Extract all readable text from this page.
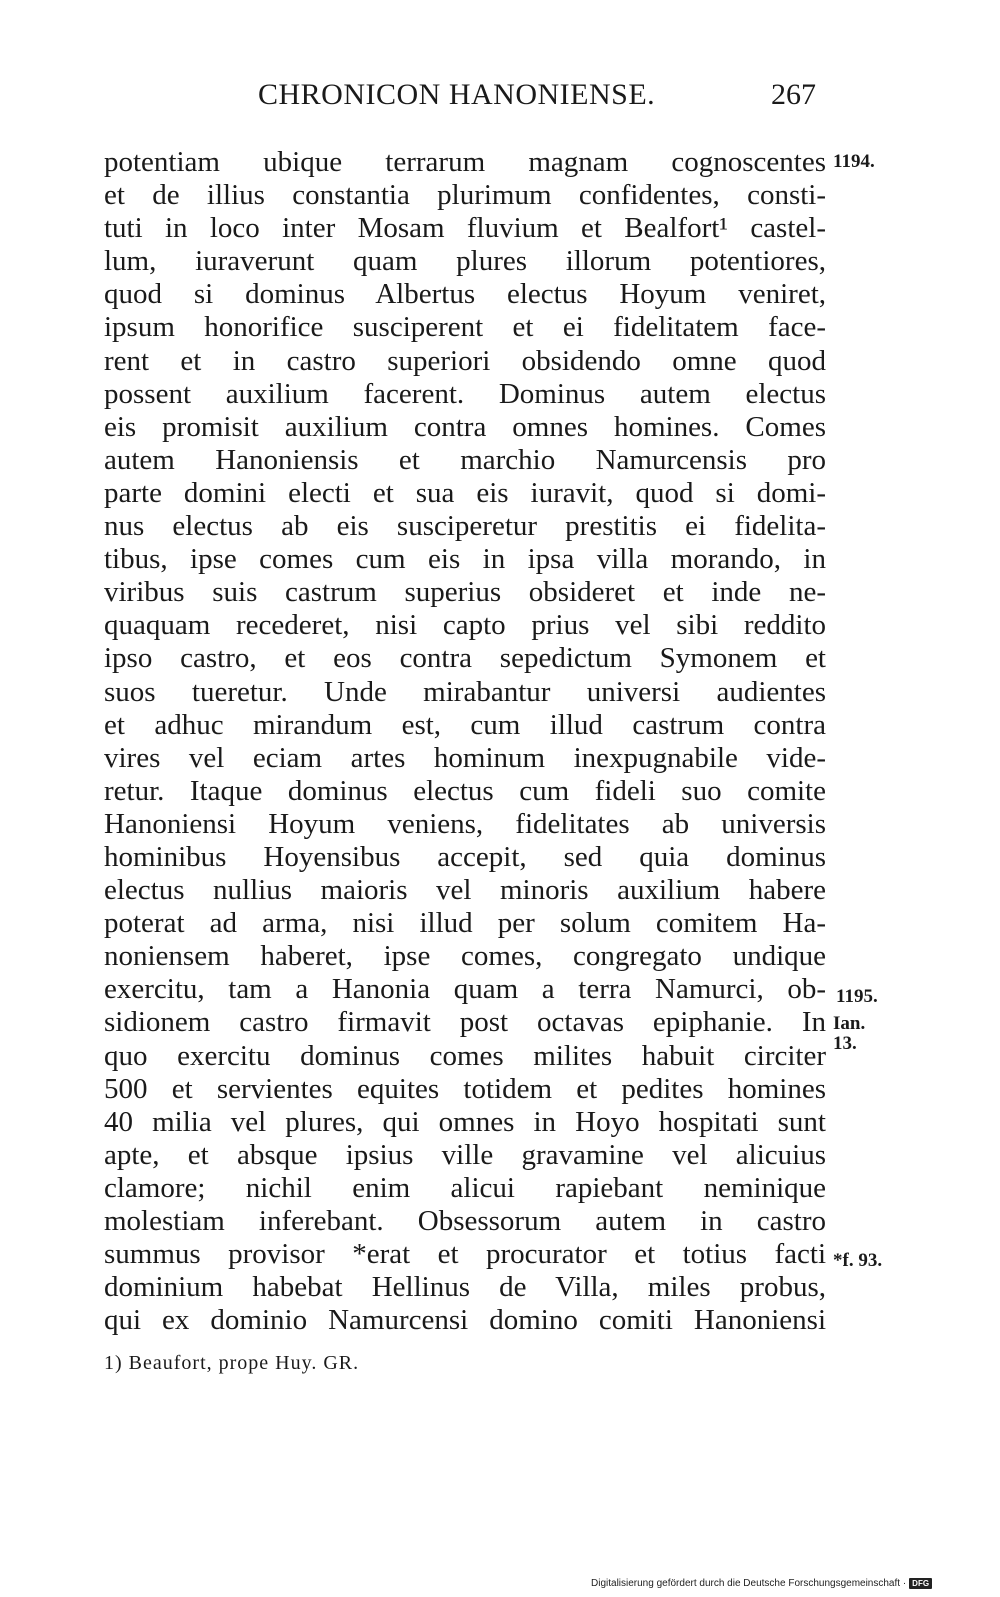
CHRONICON HANONIENSE.	267
potentiam ubique terrarum magnam cognoscentes
et de illius constantia plurimum confidentes, consti-
tuti in loco inter Mosam fluvium et Bealfort¹ castel-
lum, iuraverunt quam plures illorum potentiores,
quod si dominus Albertus electus Hoyum veniret,
ipsum honorifice susciperent et ei fidelitatem face-
rent et in castro superiori obsidendo omne quod
possent auxilium facerent. Dominus autem electus
eis promisit auxilium contra omnes homines. Comes
autem Hanoniensis et marchio Namurcensis pro
parte domini electi et sua eis iuravit, quod si domi-
nus electus ab eis susciperetur prestitis ei fidelita-
tibus, ipse comes cum eis in ipsa villa morando, in
viribus suis castrum superius obsideret et inde ne-
quaquam recederet, nisi capto prius vel sibi reddito
ipso castro, et eos contra sepedictum Symonem et
suos tueretur. Unde mirabantur universi audientes
et adhuc mirandum est, cum illud castrum contra
vires vel eciam artes hominum inexpugnabile vide-
retur. Itaque dominus electus cum fideli suo comite
Hanoniensi Hoyum veniens, fidelitates ab universis
hominibus Hoyensibus accepit, sed quia dominus
electus nullius maioris vel minoris auxilium habere
poterat ad arma, nisi illud per solum comitem Ha-
noniensem haberet, ipse comes, congregato undique
exercitu, tam a Hanonia quam a terra Namurci, ob-
sidionem castro firmavit post octavas epiphanie. In
quo exercitu dominus comes milites habuit circiter
500 et servientes equites totidem et pedites homines
40 milia vel plures, qui omnes in Hoyo hospitati sunt
apte, et absque ipsius ville gravamine vel alicuius
clamore; nichil enim alicui rapiebant neminique
molestiam inferebant. Obsessorum autem in castro
summus provisor *erat et procurator et totius facti
dominium habebat Hellinus de Villa, miles probus,
qui ex dominio Namurcensi domino comiti Hanoniensi
1194.
1195.
Ian.
13.
*f. 93.
1) Beaufort, prope Huy. GR.
Digitalisierung gefördert durch die Deutsche Forschungsgemeinschaft · DFG
